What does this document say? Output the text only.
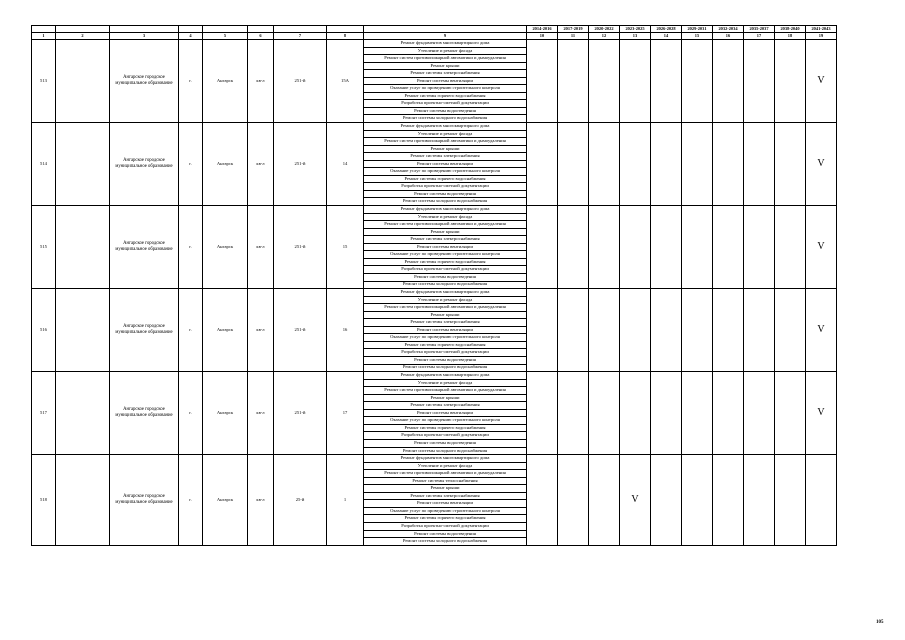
									2014-2016	2017-2019	2020-2022	2023-2025	2026-2028	2029-2031	2032-2034	2035-2037	2038-2040	2041-2043
1	2	3	4	5	6	7	8	9	10	11	12	13	14	15	16	17	18	19
513		Ангарское городское муниципальное образование	г.	Ангарск	кв-л	251-й	15А	Ремонт фундаментов многоквартирного дома										V
								Утепление и ремонт фасада										
								Ремонт систем противопожарной автоматики и дымоудаления										
								Ремонт крыши										
								Ремонт системы электроснабжения										
								Ремонт системы вентиляции										
								Оказание услуг по проведению строительного контроля										
								Ремонт системы горячего водоснабжения										
								Разработка проектно-сметной документации										
								Ремонт системы водоотведения										
								Ремонт системы холодного водоснабжения										
514		Ангарское городское муниципальное образование	г.	Ангарск	кв-л	251-й	14	Ремонт фундаментов многоквартирного дома										V
								Утепление и ремонт фасада										
								Ремонт систем противопожарной автоматики и дымоудаления										
								Ремонт крыши										
								Ремонт системы электроснабжения										
								Ремонт системы вентиляции										
								Оказание услуг по проведению строительного контроля										
								Ремонт системы горячего водоснабжения										
								Разработка проектно-сметной документации										
								Ремонт системы водоотведения										
								Ремонт системы холодного водоснабжения										
515		Ангарское городское муниципальное образование	г.	Ангарск	кв-л	251-й	15	Ремонт фундаментов многоквартирного дома										V
								Утепление и ремонт фасада										
								Ремонт систем противопожарной автоматики и дымоудаления										
								Ремонт крыши										
								Ремонт системы электроснабжения										
								Ремонт системы вентиляции										
								Оказание услуг по проведению строительного контроля										
								Ремонт системы горячего водоснабжения										
								Разработка проектно-сметной документации										
								Ремонт системы водоотведения										
								Ремонт системы холодного водоснабжения										
516		Ангарское городское муниципальное образование	г.	Ангарск	кв-л	251-й	16	Ремонт фундаментов многоквартирного дома										V
								Утепление и ремонт фасада										
								Ремонт систем противопожарной автоматики и дымоудаления										
								Ремонт крыши										
								Ремонт системы электроснабжения										
								Ремонт системы вентиляции										
								Оказание услуг по проведению строительного контроля										
								Ремонт системы горячего водоснабжения										
								Разработка проектно-сметной документации										
								Ремонт системы водоотведения										
								Ремонт системы холодного водоснабжения										
517		Ангарское городское муниципальное образование	г.	Ангарск	кв-л	251-й	17	Ремонт фундаментов многоквартирного дома										V
								Утепление и ремонт фасада										
								Ремонт систем противопожарной автоматики и дымоудаления										
								Ремонт крыши										
								Ремонт системы электроснабжения										
								Ремонт системы вентиляции										
								Оказание услуг по проведению строительного контроля										
								Ремонт системы горячего водоснабжения										
								Разработка проектно-сметной документации										
								Ремонт системы водоотведения										
								Ремонт системы холодного водоснабжения										
518		Ангарское городское муниципальное образование	г.	Ангарск	кв-л	25-й	1	Ремонт фундаментов многоквартирного дома				V						
								Утепление и ремонт фасада										
								Ремонт систем противопожарной автоматики и дымоудаления										
								Ремонт системы теплоснабжения										
								Ремонт крыши										
								Ремонт системы электроснабжения										
								Ремонт системы вентиляции										
								Оказание услуг по проведению строительного контроля										
								Ремонт системы горячего водоснабжения										
								Разработка проектно-сметной документации										
								Ремонт системы водоотведения										
								Ремонт системы холодного водоснабжения										
105
